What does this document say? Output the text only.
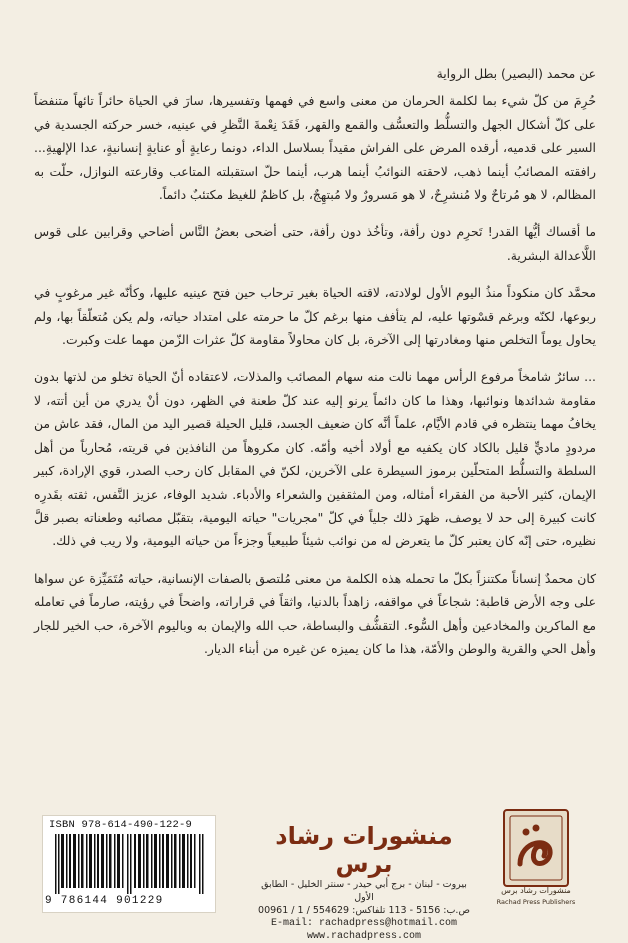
عن محمد (البصير) بطل الرواية

حُرِمَ من كلّ شيء بما لكلمة الحرمان من معنى واسع في فهمها وتفسيرها، سارَ في الحياة حائراً تائهاً متنفضاً على كلّ أشكال الجهل والتسلُّط والتعسُّف والقمع والقهر، فَقَدَ نِعْمةَ النَّظرِ في عينيه، خسر حركته الجسدية في السير على قدميه، أرقده المرض على الفراش مقيداً بسلاسل الداء، دونما رعايةٍ أو عنايةٍ إنسانيةٍ، عدا الإلهيةِ... رافقته المصائبُ أينما ذهب، لاحقته النوائبُ أينما هرب، أينما حلّ استقبلته المتاعب وقارعته النوازل، حلّت به المظالم، لا هو مُرتاحٌ ولا مُنشرِحٌ، لا هو مَسرورٌ ولا مُبتهِجٌ، بل كاظمٌ للغيظ مكتئبٌ دائماً.

ما أقساك أيُّها القدر! تَحرِم دون رأفة، وتأخُذ دون رأفة، حتى أضحى بعضُ النَّاس أضاحي وقرابين على قوس اللَّاعدالة البشرية.

محمَّد كان منكوداً منذُ اليوم الأول لولادته، لاقته الحياة بغير ترحاب حين فتح عينيه عليها، وكأنّه غير مرغوبٍ في ربوعها، لكنّه وبرغم قسْوتها عليه، لم يتأفف منها برغم كلّ ما حرمته على امتداد حياته، ولم يكن مُتعلّقاً بها، ولم يحاول يوماً التخلص منها ومغادرتها إلى الآخرة، بل كان محاولاً مقاومة كلّ عثرات الزّمن مهما علت وكبرت.

... سائرٌ شامخاً مرفوع الرأس مهما نالت منه سهام المصائب والمذلات، لاعتقاده أنّ الحياة تخلو من لذتها بدون مقاومة شدائدها ونوائبها، وهذا ما كان دائماً يرنو إليه عند كلّ طعنة في الظهر، دون أنْ يدري من أين أتته، لا يخافُ مهما ينتظره في قادم الأيَّام، علماً أنَّه كان ضعيف الجسد، قليل الحيلة قصير اليد من المال، فقد عاش من مردودٍ ماديٍّ قليل بالكاد كان يكفيه مع أولاد أخيه وأمّه. كان مكروهاً من النافذين في قريته، مُحارباً من أهل السلطة والتسلُّط المتحلّين برموز السيطرة على الآخرين، لكنّ في المقابل كان رحب الصدر، قوي الإرادة، كبير الإيمان، كثير الأحبة من الفقراء أمثاله، ومن المثقفين والشعراء والأدباء. شديد الوفاء، عزيز النَّفس، ثقته بقَدرِه كانت كبيرة إلى حد لا يوصف، ظهرَ ذلك جلياً في كلّ "مجريات" حياته اليومية، بتقبّل مصائبه وطعناته بصبر قلَّ نظيره، حتى إنّه كان يعتبر كلّ ما يتعرض له من نوائب شيئاً طبيعياً وجزءاً من حياته اليومية، ولا ريب في ذلك.

كان محمدٌ إنساناً مكتنزاً بكلّ ما تحمله هذه الكلمة من معنى مُلتصق بالصفات الإنسانية، حياته مُتَمَيِّزة عن سواها على وجه الأرض قاطبة: شجاعاً في مواقفه، زاهداً بالدنيا، واثقاً في قراراته، واضحاً في رؤيته، صارماً في تعامله مع الماكرين والمخادعين وأهل السُّوء. التقشُّف والبساطة، حب الله والإيمان به وباليوم الآخرة، حب الخير للجار وأهل الحي والقرية والوطن والأمّة، هذا ما كان يميزه عن غيره من أبناء الديار.

ISBN 978-614-490-122-9
9 786144 901229
منشورات رشاد برس
بيروت - لبنان - برج أبي حيدر - سنتر الخليل - الطابق الأول
ص.ب: 5156 - 113 تلفاكس: 554629 / 1 / 00961
E-mail: rachadpress@hotmail.com
www.rachadpress.com
منشورات رشاد برس
Rachad Press Publishers
